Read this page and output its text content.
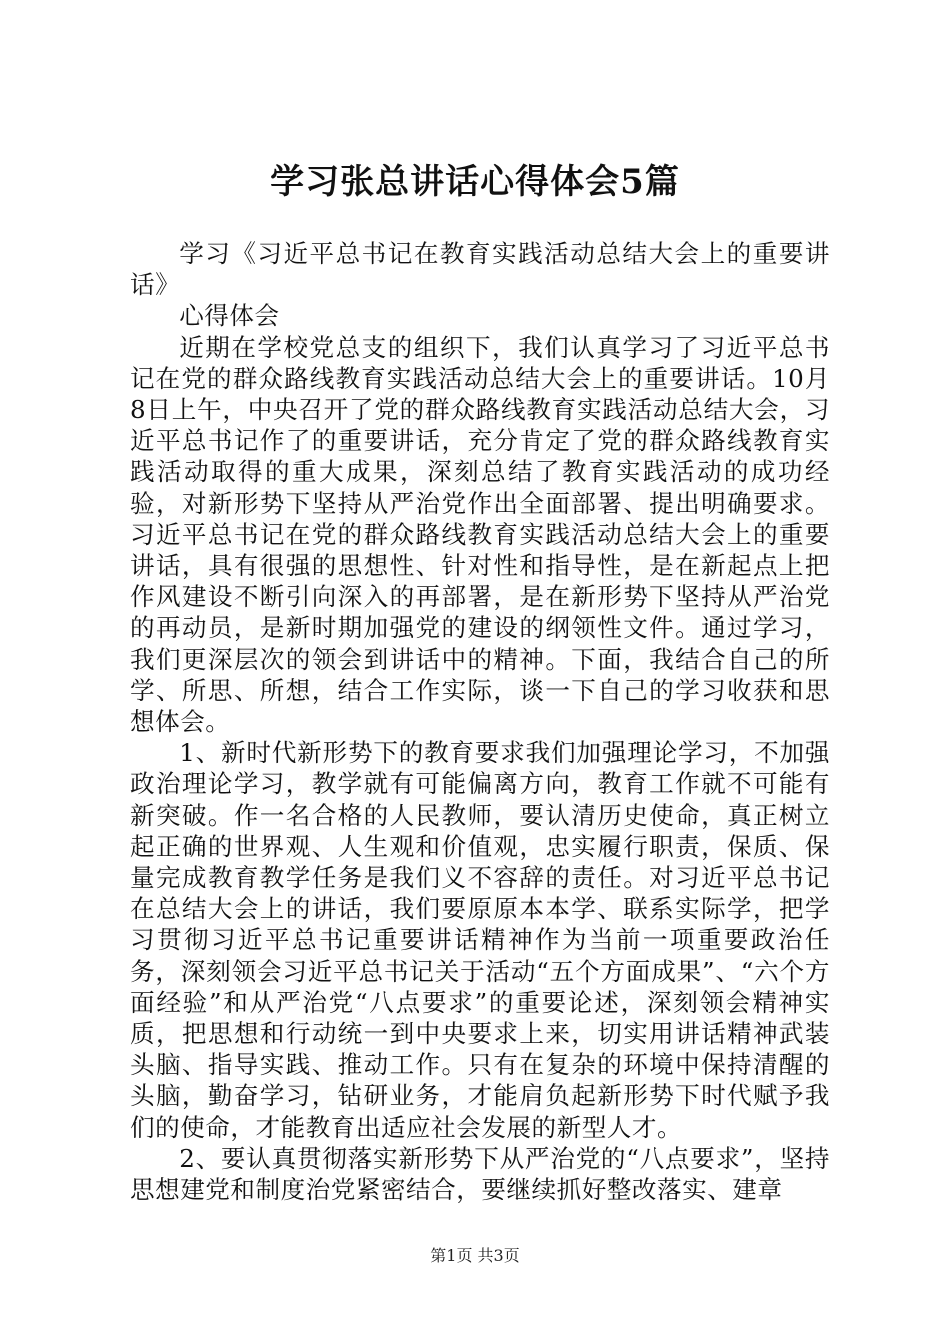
学习张总讲话心得体会5篇

学习《习近平总书记在教育实践活动总结大会上的重要讲话》

心得体会

近期在学校党总支的组织下，我们认真学习了习近平总书记在党的群众路线教育实践活动总结大会上的重要讲话。10月8日上午，中央召开了党的群众路线教育实践活动总结大会，习近平总书记作了的重要讲话，充分肯定了党的群众路线教育实践活动取得的重大成果，深刻总结了教育实践活动的成功经验，对新形势下坚持从严治党作出全面部署、提出明确要求。习近平总书记在党的群众路线教育实践活动总结大会上的重要讲话，具有很强的思想性、针对性和指导性，是在新起点上把作风建设不断引向深入的再部署，是在新形势下坚持从严治党的再动员，是新时期加强党的建设的纲领性文件。通过学习，我们更深层次的领会到讲话中的精神。下面，我结合自己的所学、所思、所想，结合工作实际，谈一下自己的学习收获和思想体会。

1、新时代新形势下的教育要求我们加强理论学习，不加强政治理论学习，教学就有可能偏离方向，教育工作就不可能有新突破。作一名合格的人民教师，要认清历史使命，真正树立起正确的世界观、人生观和价值观，忠实履行职责，保质、保量完成教育教学任务是我们义不容辞的责任。对习近平总书记在总结大会上的讲话，我们要原原本本学、联系实际学，把学习贯彻习近平总书记重要讲话精神作为当前一项重要政治任务，深刻领会习近平总书记关于活动“五个方面成果”、“六个方面经验”和从严治党“八点要求”的重要论述，深刻领会精神实质，把思想和行动统一到中央要求上来，切实用讲话精神武装头脑、指导实践、推动工作。只有在复杂的环境中保持清醒的头脑，勤奋学习，钻研业务，才能肩负起新形势下时代赋予我们的使命，才能教育出适应社会发展的新型人才。

2、要认真贯彻落实新形势下从严治党的“八点要求”，坚持思想建党和制度治党紧密结合，要继续抓好整改落实、建章

第1页 共3页
